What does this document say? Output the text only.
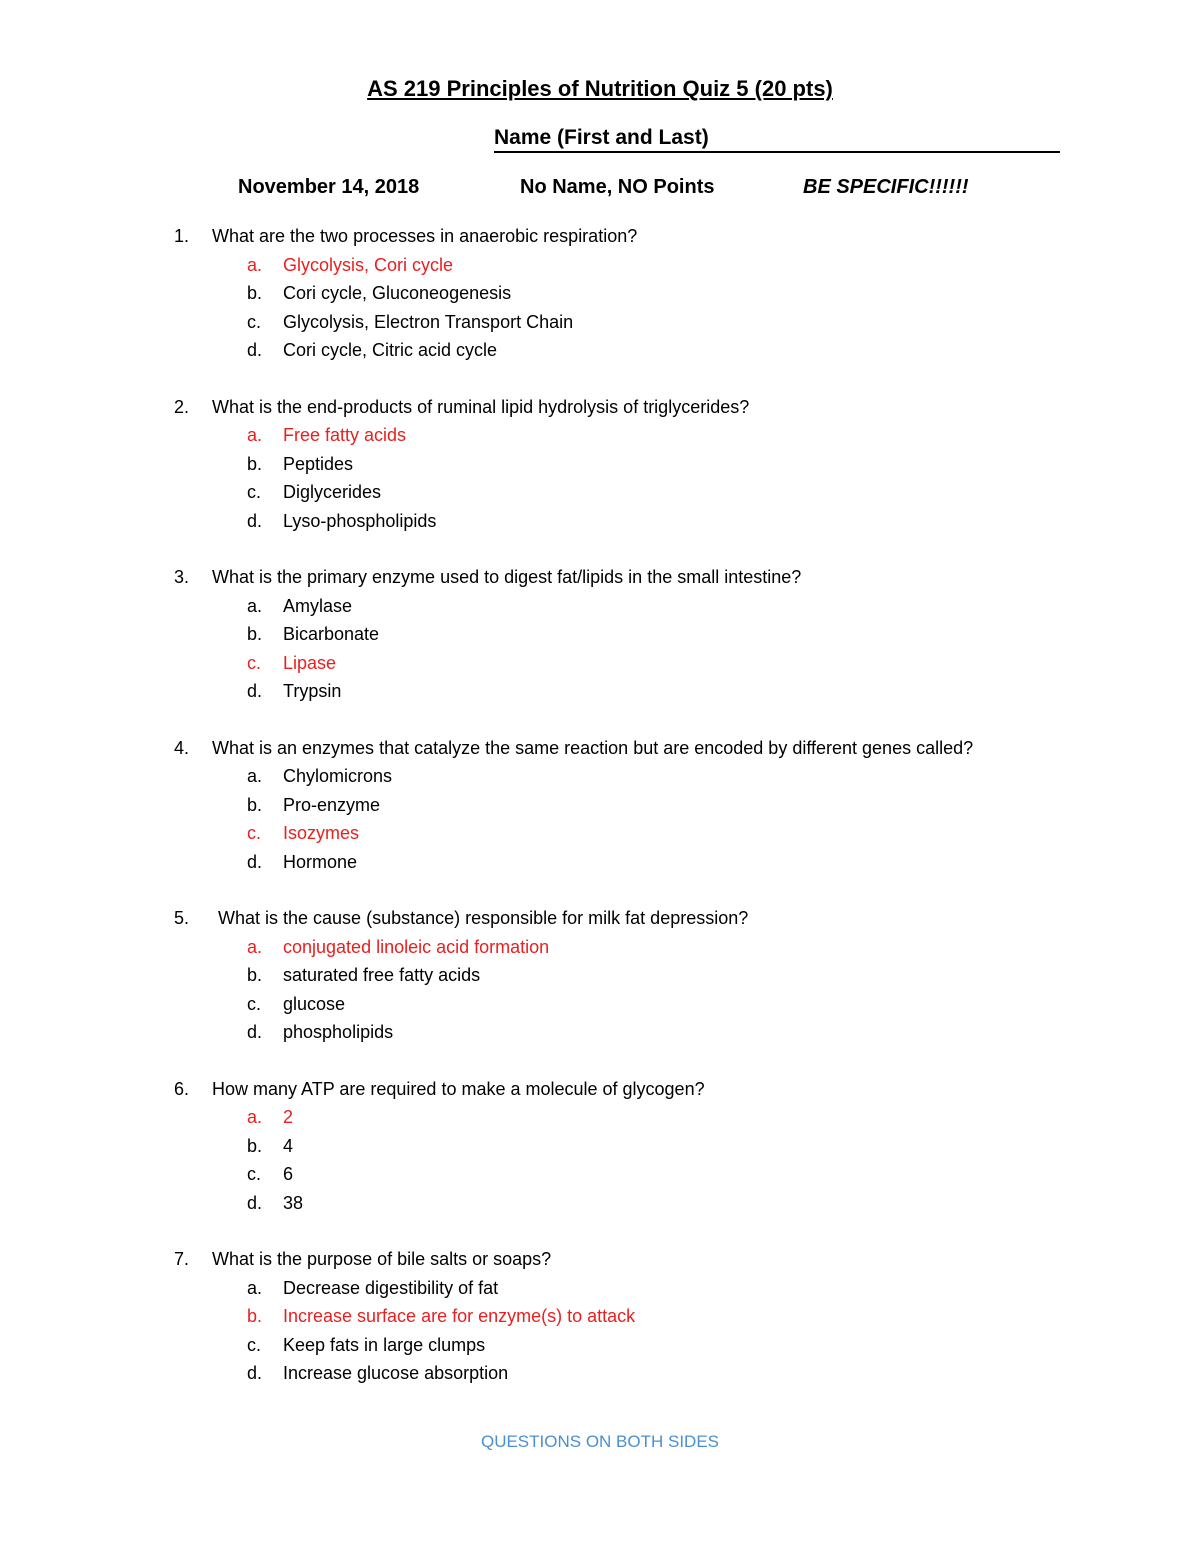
AS 219 Principles of Nutrition Quiz 5 (20 pts)
Name (First and Last)
November 14, 2018	No Name, NO Points	BE SPECIFIC!!!!!!
1. What are the two processes in anaerobic respiration?
a. Glycolysis, Cori cycle
b. Cori cycle, Gluconeogenesis
c. Glycolysis, Electron Transport Chain
d. Cori cycle, Citric acid cycle
2. What is the end-products of ruminal lipid hydrolysis of triglycerides?
a. Free fatty acids
b. Peptides
c. Diglycerides
d. Lyso-phospholipids
3. What is the primary enzyme used to digest fat/lipids in the small intestine?
a. Amylase
b. Bicarbonate
c. Lipase
d. Trypsin
4. What is an enzymes that catalyze the same reaction but are encoded by different genes called?
a. Chylomicrons
b. Pro-enzyme
c. Isozymes
d. Hormone
5. What is the cause (substance) responsible for milk fat depression?
a. conjugated linoleic acid formation
b. saturated free fatty acids
c. glucose
d. phospholipids
6. How many ATP are required to make a molecule of glycogen?
a. 2
b. 4
c. 6
d. 38
7. What is the purpose of bile salts or soaps?
a. Decrease digestibility of fat
b. Increase surface are for enzyme(s) to attack
c. Keep fats in large clumps
d. Increase glucose absorption
QUESTIONS ON BOTH SIDES
